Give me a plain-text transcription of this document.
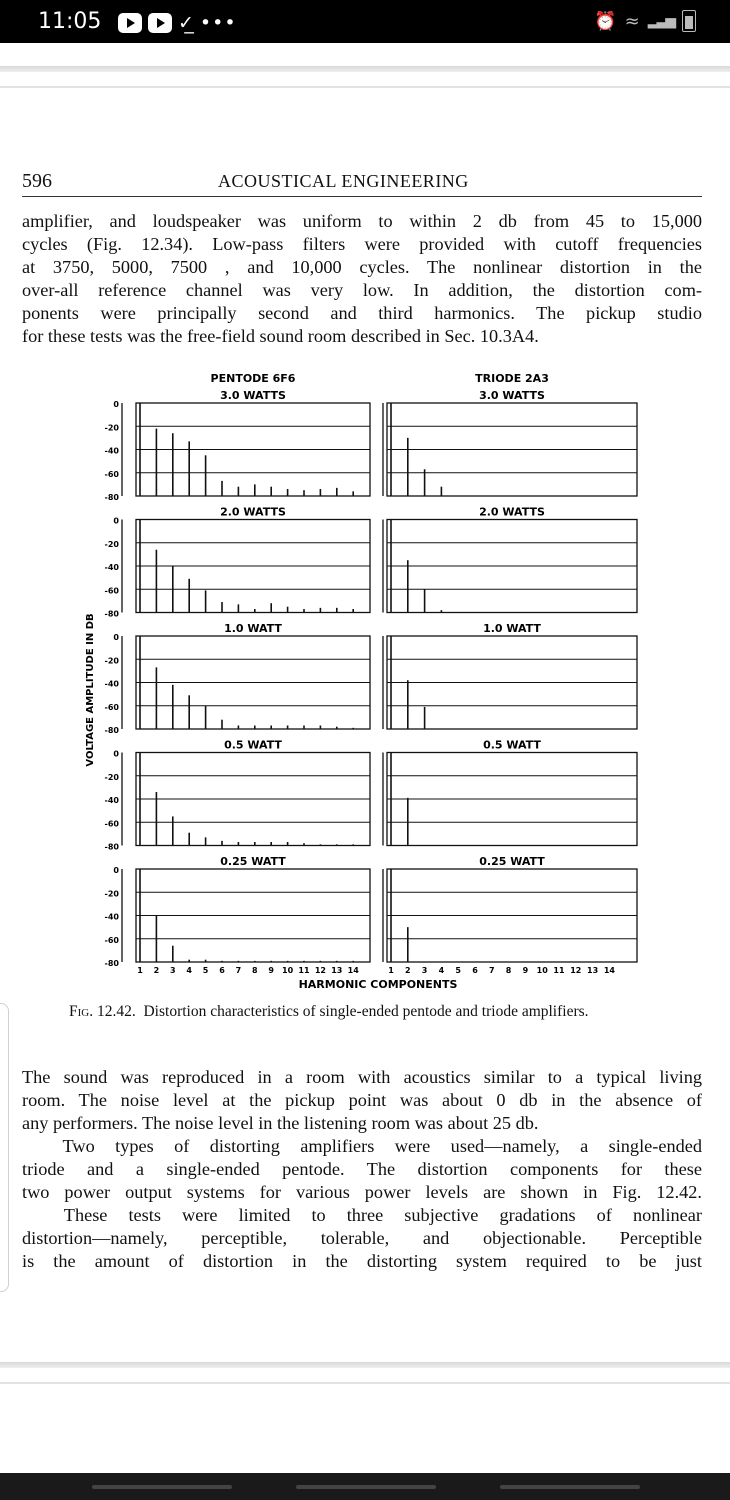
11:05	✓̲ •••	⏰ ≈ ▂▃▅
596	ACOUSTICAL ENGINEERING
amplifier, and loudspeaker was uniform to within 2 db from 45 to 15,000
cycles (Fig. 12.34). Low-pass filters were provided with cutoff frequencies
at 3750, 5000, 7500 , and 10,000 cycles. The nonlinear distortion in the
over-all reference channel was very low. In addition, the distortion com-
ponents were principally second and third harmonics. The pickup studio
for these tests was the free-field sound room described in Sec. 10.3A4.
PENTODE 6F6
3.0 WATTS
0
-20
-40
-60
-80
2.0 WATTS
0
-20
-40
-60
-80
1.0 WATT
0
-20
-40
-60
-80
0.5 WATT
0
-20
-40
-60
-80
0.25 WATT
0
-20
-40
-60
-80
1 2 3 4 5 6 7 8 9 10 11 12 13 14
TRIODE 2A3
3.0 WATTS
2.0 WATTS
1.0 WATT
0.5 WATT
0.25 WATT
1 2 3 4 5 6 7 8 9 10 11 12 13 14
VOLTAGE AMPLITUDE IN DB
HARMONIC COMPONENTS
Fig. 12.42. Distortion characteristics of single-ended pentode and triode amplifiers.
The sound was reproduced in a room with acoustics similar to a typical living
room. The noise level at the pickup point was about 0 db in the absence of
any performers. The noise level in the listening room was about 25 db.
Two types of distorting amplifiers were used—namely, a single-ended
triode and a single-ended pentode. The distortion components for these
two power output systems for various power levels are shown in Fig. 12.42.
These tests were limited to three subjective gradations of nonlinear
distortion—namely, perceptible, tolerable, and objectionable. Perceptible
is the amount of distortion in the distorting system required to be just
